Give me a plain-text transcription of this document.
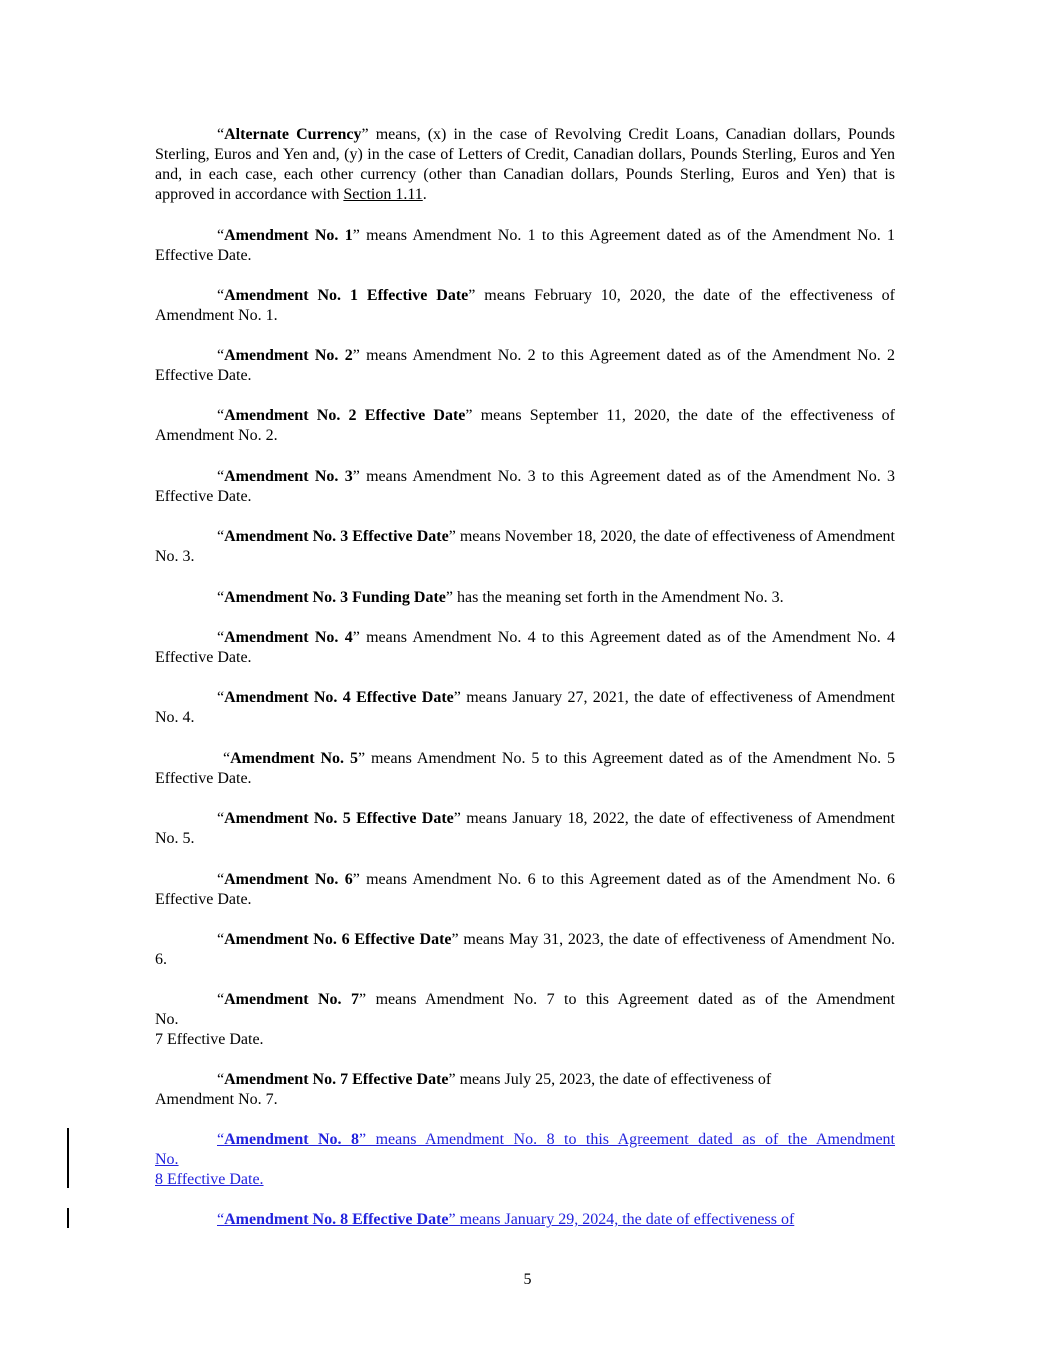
“Alternate Currency” means, (x) in the case of Revolving Credit Loans, Canadian dollars, Pounds Sterling, Euros and Yen and, (y) in the case of Letters of Credit, Canadian dollars, Pounds Sterling, Euros and Yen and, in each case, each other currency (other than Canadian dollars, Pounds Sterling, Euros and Yen) that is approved in accordance with Section 1.11.

“Amendment No. 1” means Amendment No. 1 to this Agreement dated as of the Amendment No. 1 Effective Date.

“Amendment No. 1 Effective Date” means February 10, 2020, the date of the effectiveness of Amendment No. 1.

“Amendment No. 2” means Amendment No. 2 to this Agreement dated as of the Amendment No. 2 Effective Date.

“Amendment No. 2 Effective Date” means September 11, 2020, the date of the effectiveness of Amendment No. 2.

“Amendment No. 3” means Amendment No. 3 to this Agreement dated as of the Amendment No. 3 Effective Date.

“Amendment No. 3 Effective Date” means November 18, 2020, the date of effectiveness of Amendment No. 3.

“Amendment No. 3 Funding Date” has the meaning set forth in the Amendment No. 3.

“Amendment No. 4” means Amendment No. 4 to this Agreement dated as of the Amendment No. 4 Effective Date.

“Amendment No. 4 Effective Date” means January 27, 2021, the date of effectiveness of Amendment No. 4.

“Amendment No. 5” means Amendment No. 5 to this Agreement dated as of the Amendment No. 5 Effective Date.

“Amendment No. 5 Effective Date” means January 18, 2022, the date of effectiveness of Amendment No. 5.

“Amendment No. 6” means Amendment No. 6 to this Agreement dated as of the Amendment No. 6 Effective Date.

“Amendment No. 6 Effective Date” means May 31, 2023, the date of effectiveness of Amendment No. 6.

“Amendment No. 7” means Amendment No. 7 to this Agreement dated as of the Amendment
No.
7 Effective Date.
“Amendment No. 7 Effective Date” means July 25, 2023, the date of effectiveness of
Amendment No. 7.
“Amendment No. 8” means Amendment No. 8 to this Agreement dated as of the Amendment
No.
8 Effective Date.
“Amendment No. 8 Effective Date” means January 29, 2024, the date of effectiveness of
5
